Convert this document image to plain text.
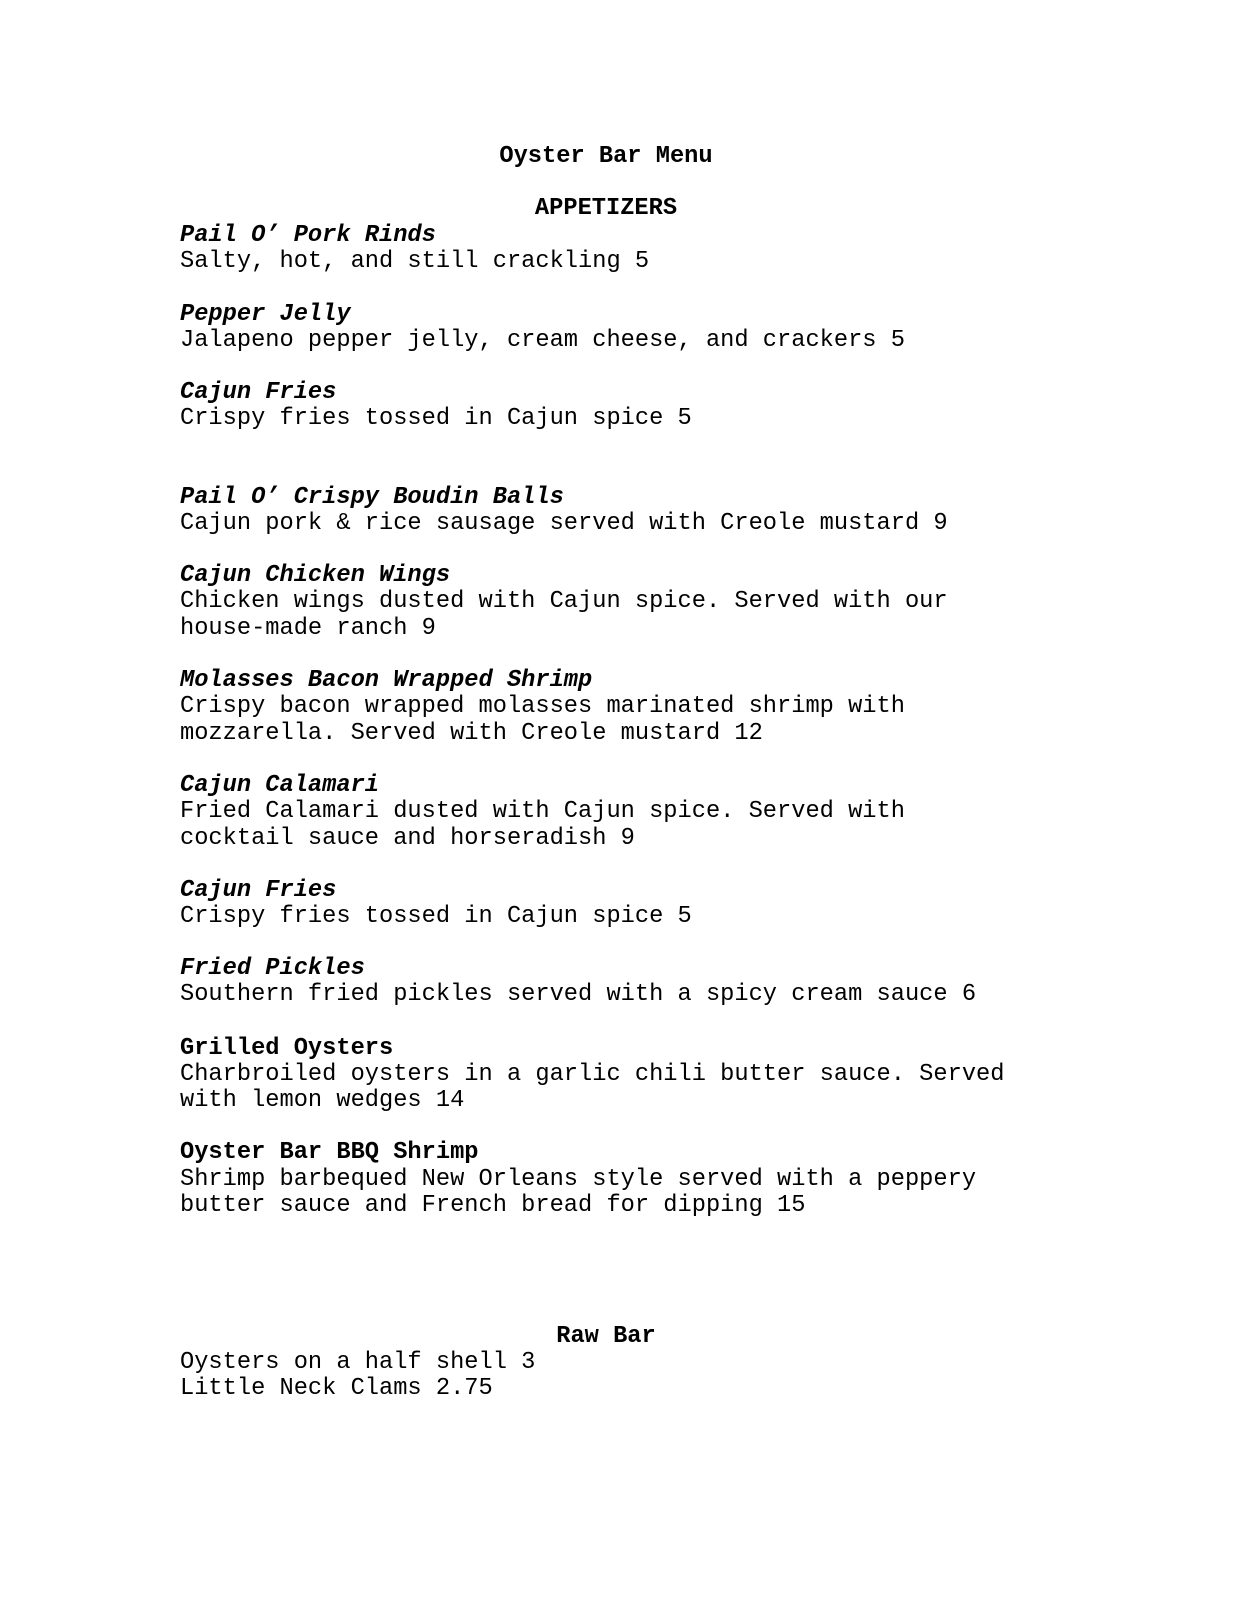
Oyster Bar Menu
APPETIZERS
Pail O’ Pork Rinds
Salty, hot, and still crackling 5
Pepper Jelly
Jalapeno pepper jelly, cream cheese, and crackers 5
Cajun Fries
Crispy fries tossed in Cajun spice 5
Pail O’ Crispy Boudin Balls
Cajun pork & rice sausage served with Creole mustard 9
Cajun Chicken Wings
Chicken wings dusted with Cajun spice. Served with our
house-made ranch 9
Molasses Bacon Wrapped Shrimp
Crispy bacon wrapped molasses marinated shrimp with
mozzarella. Served with Creole mustard 12
Cajun Calamari
Fried Calamari dusted with Cajun spice. Served with
cocktail sauce and horseradish 9
Cajun Fries
Crispy fries tossed in Cajun spice 5
Fried Pickles
Southern fried pickles served with a spicy cream sauce 6
Grilled Oysters
Charbroiled oysters in a garlic chili butter sauce. Served
with lemon wedges 14
Oyster Bar BBQ Shrimp
Shrimp barbequed New Orleans style served with a peppery
butter sauce and French bread for dipping 15
Raw Bar
Oysters on a half shell 3
Little Neck Clams 2.75
